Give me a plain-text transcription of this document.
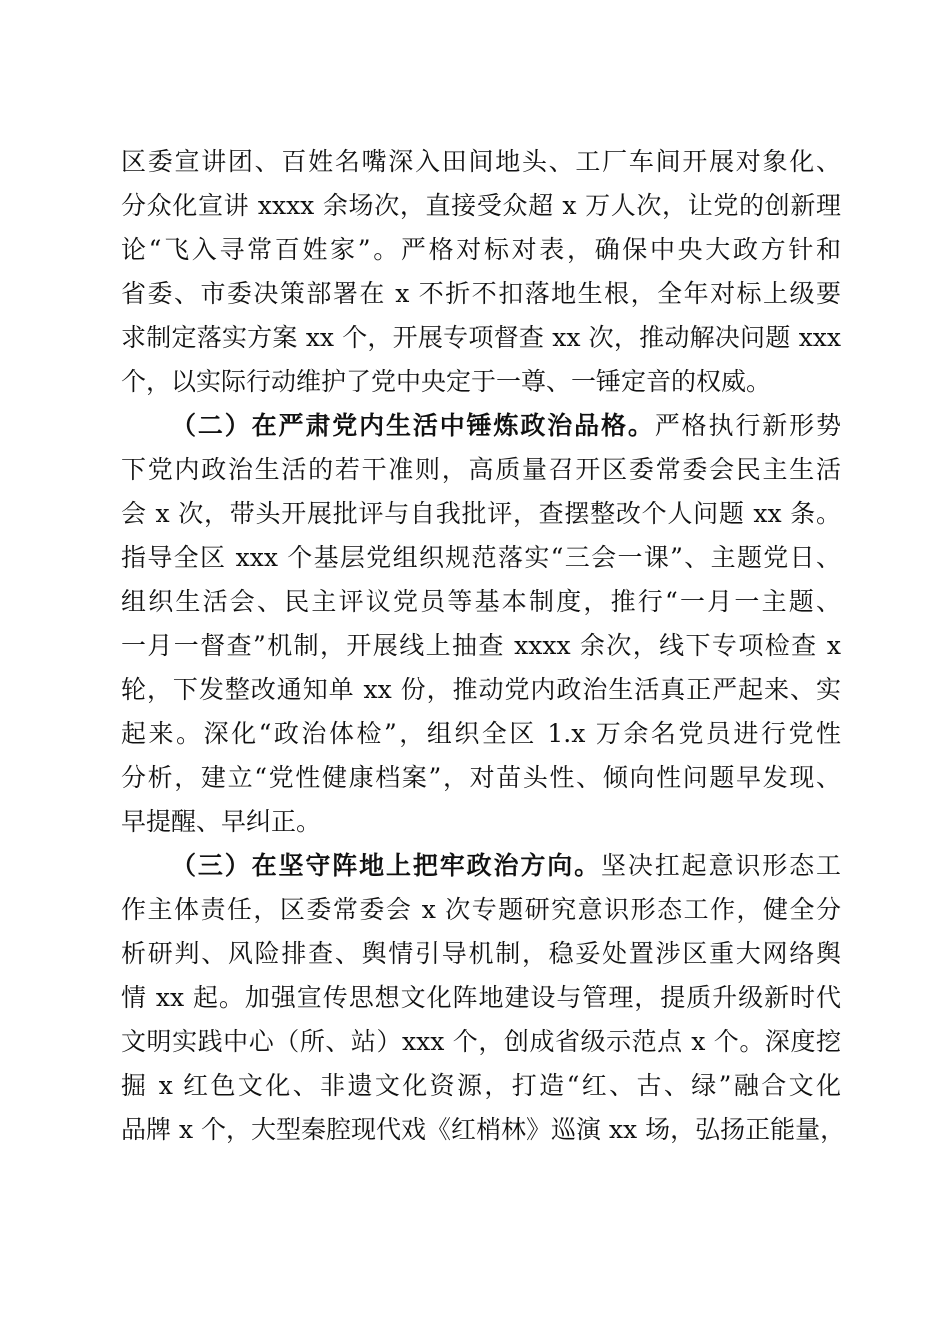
区委宣讲团、百姓名嘴深入田间地头、工厂车间开展对象化、
分众化宣讲 xxxx 余场次，直接受众超 x 万人次，让党的创新理
论“飞入寻常百姓家”。严格对标对表，确保中央大政方针和
省委、市委决策部署在 x 不折不扣落地生根，全年对标上级要
求制定落实方案 xx 个，开展专项督查 xx 次，推动解决问题 xxx
个，以实际行动维护了党中央定于一尊、一锤定音的权威。
（二）在严肃党内生活中锤炼政治品格。严格执行新形势
下党内政治生活的若干准则，高质量召开区委常委会民主生活
会 x 次，带头开展批评与自我批评，查摆整改个人问题 xx 条。
指导全区 xxx 个基层党组织规范落实“三会一课”、主题党日、
组织生活会、民主评议党员等基本制度，推行“一月一主题、
一月一督查”机制，开展线上抽查 xxxx 余次，线下专项检查 x
轮，下发整改通知单 xx 份，推动党内政治生活真正严起来、实
起来。深化“政治体检”，组织全区 1.x 万余名党员进行党性
分析，建立“党性健康档案”，对苗头性、倾向性问题早发现、
早提醒、早纠正。
（三）在坚守阵地上把牢政治方向。坚决扛起意识形态工
作主体责任，区委常委会 x 次专题研究意识形态工作，健全分
析研判、风险排查、舆情引导机制，稳妥处置涉区重大网络舆
情 xx 起。加强宣传思想文化阵地建设与管理，提质升级新时代
文明实践中心（所、站）xxx 个，创成省级示范点 x 个。深度挖
掘 x 红色文化、非遗文化资源，打造“红、古、绿”融合文化
品牌 x 个，大型秦腔现代戏《红梢林》巡演 xx 场，弘扬正能量，
